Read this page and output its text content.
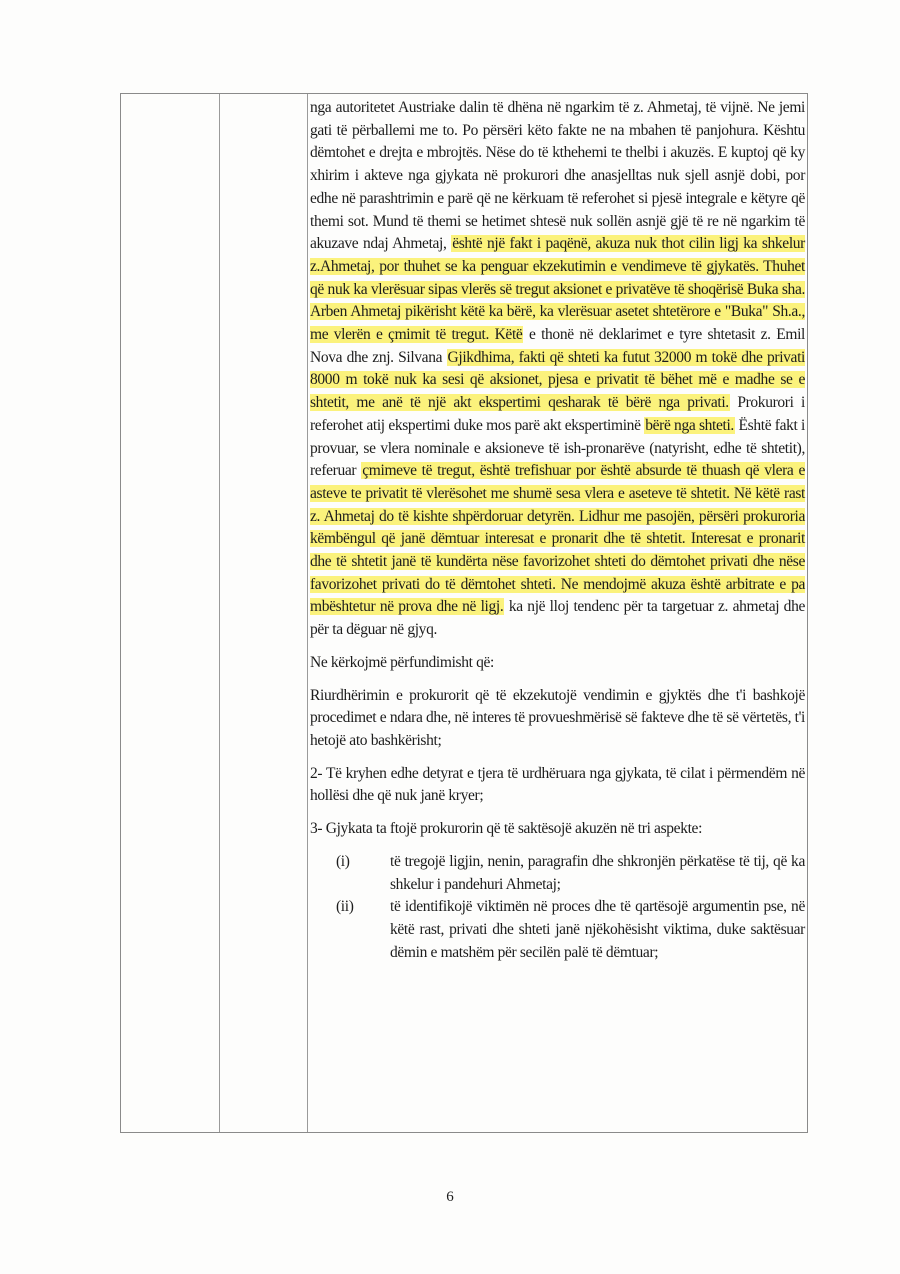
nga autoritetet Austriake dalin të dhëna në ngarkim të z. Ahmetaj, të vijnë. Ne jemi gati të përballemi me to. Po përsëri këto fakte ne na mbahen të panjohura. Kështu dëmtohet e drejta e mbrojtës. Nëse do të kthehemi te thelbi i akuzës. E kuptoj që ky xhirim i akteve nga gjykata në prokurori dhe anasjelltas nuk sjell asnjë dobi, por edhe në parashtrimin e parë që ne kërkuam të referohet si pjesë integrale e këtyre që themi sot. Mund të themi se hetimet shtesë nuk sollën asnjë gjë të re në ngarkim të akuzave ndaj Ahmetaj, është një fakt i paqënë, akuza nuk thot cilin ligj ka shkelur z.Ahmetaj, por thuhet se ka penguar ekzekutimin e vendimeve të gjykatës. Thuhet që nuk ka vlerësuar sipas vlerës së tregut aksionet e privatëve të shoqërisë Buka sha. Arben Ahmetaj pikërisht këtë ka bërë, ka vlerësuar asetet shtetërore e "Buka" Sh.a., me vlerën e çmimit të tregut. Këtë e thonë në deklarimet e tyre shtetasit z. Emil Nova dhe znj. Silvana Gjikdhima, fakti që shteti ka futut 32000 m tokë dhe privati 8000 m tokë nuk ka sesi që aksionet, pjesa e privatit të bëhet më e madhe se e shtetit, me anë të një akt ekspertimi qesharak të bërë nga privati. Prokurori i referohet atij ekspertimi duke mos parë akt ekspertiminë bërë nga shteti. Është fakt i provuar, se vlera nominale e aksioneve të ish-pronarëve (natyrisht, edhe të shtetit), referuar çmimeve të tregut, është trefishuar por është absurde të thuash që vlera e asteve te privatit të vlerësohet me shumë sesa vlera e aseteve të shtetit. Në këtë rast z. Ahmetaj do të kishte shpërdoruar detyrën. Lidhur me pasojën, përsëri prokuroria këmbëngul që janë dëmtuar interesat e pronarit dhe të shtetit. Interesat e pronarit dhe të shtetit janë të kundërta nëse favorizohet shteti do dëmtohet privati dhe nëse favorizohet privati do të dëmtohet shteti. Ne mendojmë akuza është arbitrate e pa mbështetur në prova dhe në ligj. ka një lloj tendenc për ta targetuar z. ahmetaj dhe për ta dëguar në gjyq.

Ne kërkojmë përfundimisht që:

Riurdhërimin e prokurorit që të ekzekutojë vendimin e gjyktës dhe t'i bashkojë procedimet e ndara dhe, në interes të provueshmërisë së fakteve dhe të së vërtetës, t'i hetojë ato bashkërisht;

2- Të kryhen edhe detyrat e tjera të urdhëruara nga gjykata, të cilat i përmendëm në hollësi dhe që nuk janë kryer;

3- Gjykata ta ftojë prokurorin që të saktësojë akuzën në tri aspekte:

(i)	të tregojë ligjin, nenin, paragrafin dhe shkronjën përkatëse të tij, që ka shkelur i pandehuri Ahmetaj;
(ii)	të identifikojë viktimën në proces dhe të qartësojë argumentin pse, në këtë rast, privati dhe shteti janë njëkohësisht viktima, duke saktësuar dëmin e matshëm për secilën palë të dëmtuar;
6
